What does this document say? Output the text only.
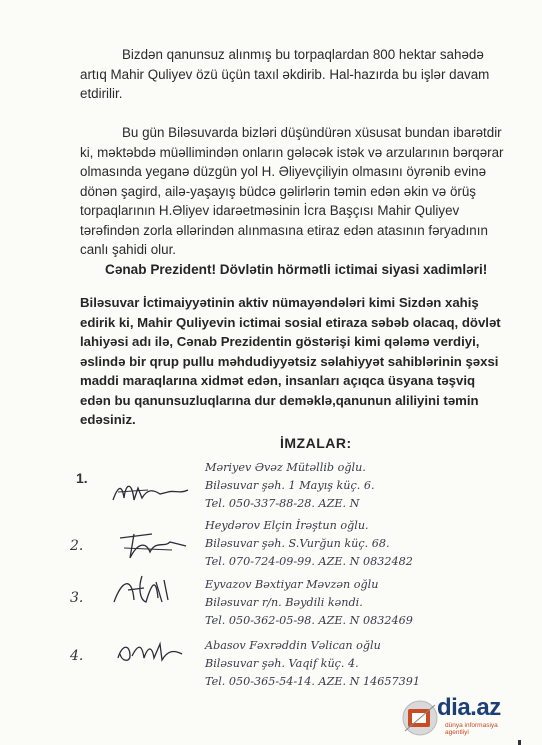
Bizdən qanunsuz alınmış bu torpaqlardan 800 hektar sahədə artıq Mahir Quliyev özü üçün taxıl əkdirib. Hal-hazırda bu işlər davam etdirilir.
Bu gün Biləsuvarda bizləri düşündürən xüsusat bundan ibarətdir ki, məktəbdə müəllimindən onların gələcək istək və arzularının bərqərar olmasında yeganə düzgün yol H. Əliyevçiliyin olmasını öyrənib evinə dönən şagird, ailə-yaşayış büdcə gəlirlərin təmin edən əkin və örüş torpaqlarının H.Əliyev idarəetməsinin İcra Başçısı Mahir Quliyev tərəfindən zorla əllərindən alınmasına etiraz edən atasının fəryadının canlı şahidi olur.
Cənab Prezident! Dövlətin hörmətli ictimai siyasi xadimləri!
Biləsuvar İctimaiyyətinin aktiv nümayəndələri kimi Sizdən xahiş edirik ki, Mahir Quliyevin ictimai sosial etiraza səbəb olacaq, dövlət lahiyəsi adı ilə, Cənab Prezidentin göstərişi kimi qələmə verdiyi, əslində bir qrup pullu məhdudiyyətsiz səlahiyyət sahiblərinin şəxsi maddi maraqlarına xidmət edən, insanları açıqca üsyana təşviq edən bu qanunsuzluqlarına dur deməklə,qanunun aliliyini təmin edəsiniz.
İMZALAR:
1.
Məriyev Əvəz Mütəllib oğlu.
Biləsuvar şəh. 1 Mayış küç. 6.
Tel. 050-337-88-28. AZE. N
2.
Heydərov Elçin İrəştun oğlu.
Biləsuvar şəh. S.Vurğun küç. 68.
Tel. 070-724-09-99. AZE. N 0832482
3.
Eyvazov Bəxtiyar Məvzən oğlu
Biləsuvar r/n. Bəydili kəndi.
Tel. 050-362-05-98. AZE. N 0832469
4.
Abasov Fəxrəddin Vəlican oğlu
Biləsuvar şəh. Vaqif küç. 4.
Tel. 050-365-54-14. AZE. N 14657391
dia.az
dünya informasiya
agentliyi
